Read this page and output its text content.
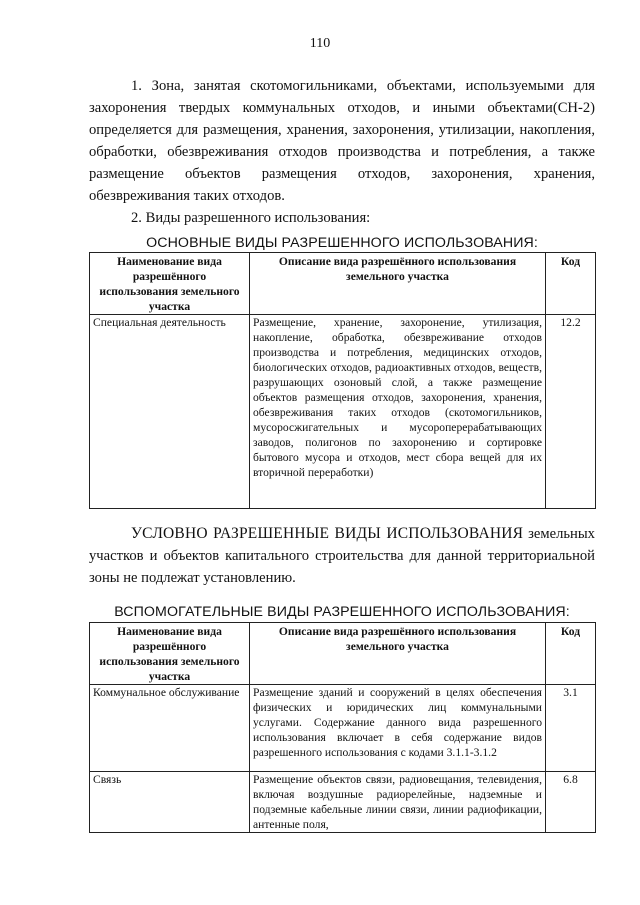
110

1. Зона, занятая скотомогильниками, объектами, используемыми для захоронения твердых коммунальных отходов, и иными объектами(СН-2) определяется для размещения, хранения, захоронения, утилизации, накопления, обработки, обезвреживания отходов производства и потребления, а также размещение объектов размещения отходов, захоронения, хранения, обезвреживания таких отходов.

2. Виды разрешенного использования:

ОСНОВНЫЕ ВИДЫ РАЗРЕШЕННОГО ИСПОЛЬЗОВАНИЯ:
Наименование вида разрешённого использования земельного участка	Описание вида разрешённого использования земельного участка	Код
Специальная деятельность	Размещение, хранение, захоронение, утилизация, накопление, обработка, обезвреживание отходов производства и потребления, медицинских отходов, биологических отходов, радиоактивных отходов, веществ, разрушающих озоновый слой, а также размещение объектов размещения отходов, захоронения, хранения, обезвреживания таких отходов (скотомогильников, мусоросжигательных и мусороперерабатывающих заводов, полигонов по захоронению и сортировке бытового мусора и отходов, мест сбора вещей для их вторичной переработки)	12.2

УСЛОВНО РАЗРЕШЕННЫЕ ВИДЫ ИСПОЛЬЗОВАНИЯ земельных участков и объектов капитального строительства для данной территориальной зоны не подлежат установлению.

ВСПОМОГАТЕЛЬНЫЕ ВИДЫ РАЗРЕШЕННОГО ИСПОЛЬЗОВАНИЯ:
Наименование вида разрешённого использования земельного участка	Описание вида разрешённого использования земельного участка	Код
Коммунальное обслуживание	Размещение зданий и сооружений в целях обеспечения физических и юридических лиц коммунальными услугами. Содержание данного вида разрешенного использования включает в себя содержание видов разрешенного использования с кодами 3.1.1-3.1.2	3.1
Связь	Размещение объектов связи, радиовещания, телевидения, включая воздушные радиорелейные, надземные и подземные кабельные линии связи, линии радиофикации, антенные поля,	6.8
